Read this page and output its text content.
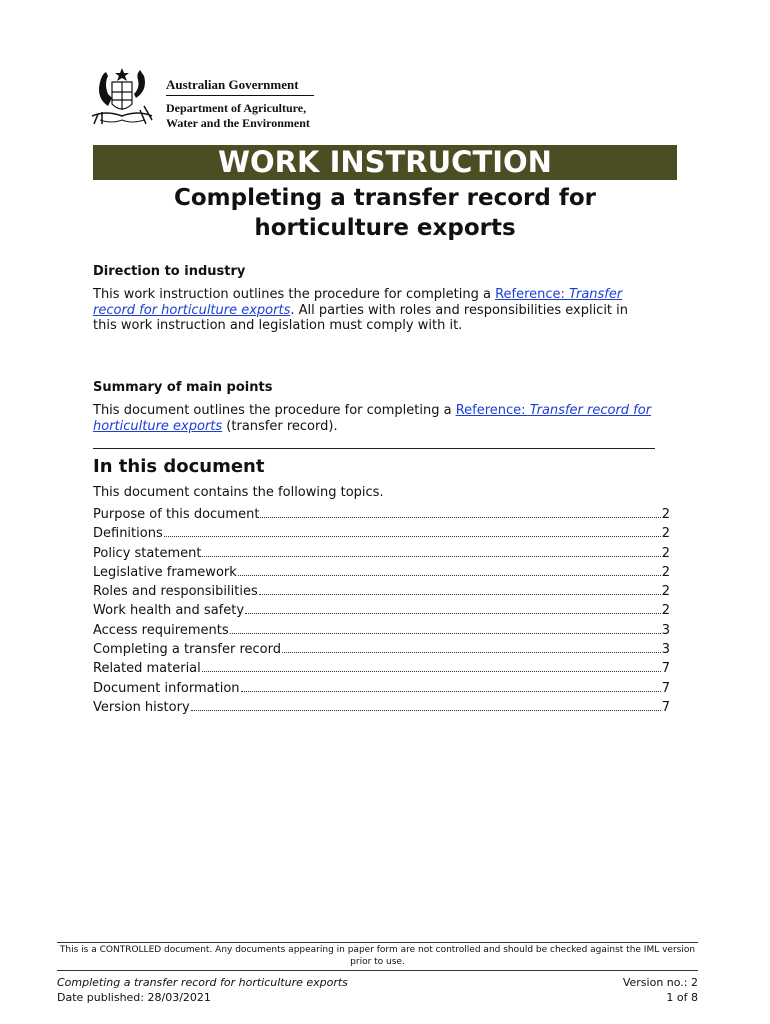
Australian Government
Department of Agriculture,
Water and the Environment
WORK INSTRUCTION
Completing a transfer record for
horticulture exports
Direction to industry
This work instruction outlines the procedure for completing a Reference: Transfer record for horticulture exports. All parties with roles and responsibilities explicit in this work instruction and legislation must comply with it.
Summary of main points
This document outlines the procedure for completing a Reference: Transfer record for horticulture exports (transfer record).
In this document
This document contains the following topics.
Purpose of this document	2
Definitions	2
Policy statement	2
Legislative framework	2
Roles and responsibilities	2
Work health and safety	2
Access requirements	3
Completing a transfer record	3
Related material	7
Document information	7
Version history	7
This is a CONTROLLED document. Any documents appearing in paper form are not controlled and should be checked against the IML version prior to use.
Completing a transfer record for horticulture exports
Date published: 28/03/2021
Version no.: 2
1 of 8
